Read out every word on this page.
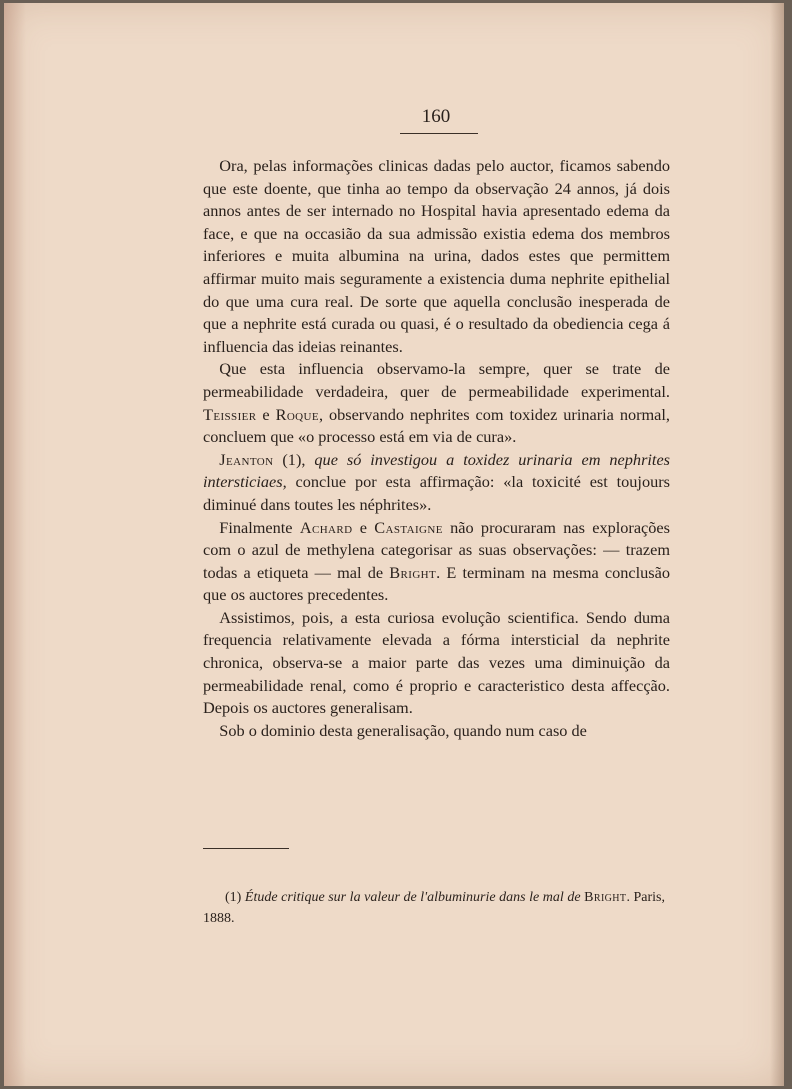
160

 Ora, pelas informações clinicas dadas pelo auctor, ficamos sabendo que este doente, que tinha ao tempo da observação 24 annos, já dois annos antes de ser internado no Hospital havia apresentado edema da face, e que na occasião da sua admissão existia edema dos membros inferiores e muita albumina na urina, dados estes que permittem affirmar muito mais seguramente a existencia duma nephrite epithelial do que uma cura real. De sorte que aquella conclusão inesperada de que a nephrite está curada ou quasi, é o resultado da obediencia cega á influencia das ideias reinantes.

 Que esta influencia observamo-la sempre, quer se trate de permeabilidade verdadeira, quer de permeabilidade experimental. Teissier e Roque, observando nephrites com toxidez urinaria normal, concluem que «o processo está em via de cura».

 Jeanton (1), que só investigou a toxidez urinaria em nephrites intersticiaes, conclue por esta affirmação: «la toxicité est toujours diminué dans toutes les néphrites».

 Finalmente Achard e Castaigne não procuraram nas explorações com o azul de methylena categorisar as suas observações: — trazem todas a etiqueta — mal de Bright. E terminam na mesma conclusão que os auctores precedentes.

 Assistimos, pois, a esta curiosa evolução scientifica. Sendo duma frequencia relativamente elevada a fórma intersticial da nephrite chronica, observa-se a maior parte das vezes uma diminuição da permeabilidade renal, como é proprio e caracteristico desta affecção. Depois os auctores generalisam.

 Sob o dominio desta generalisação, quando num caso de

(1) Étude critique sur la valeur de l'albuminurie dans le mal de Bright. Paris, 1888.
